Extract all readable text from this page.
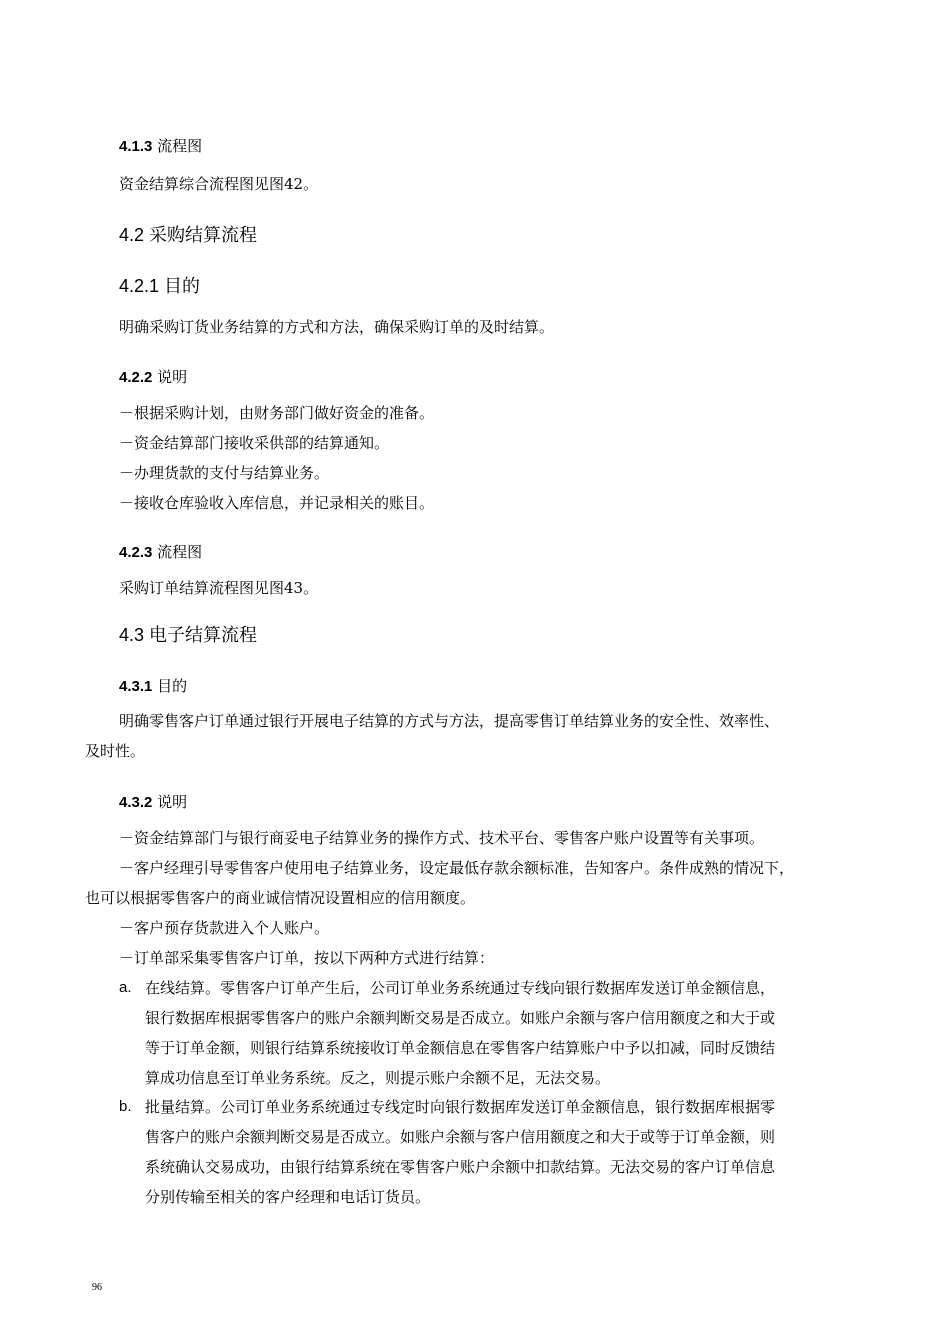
4.1.3 流程图
资金结算综合流程图见图42。
4.2 采购结算流程
4.2.1 目的
明确采购订货业务结算的方式和方法，确保采购订单的及时结算。
4.2.2 说明
－根据采购计划，由财务部门做好资金的准备。
－资金结算部门接收采供部的结算通知。
－办理货款的支付与结算业务。
－接收仓库验收入库信息，并记录相关的账目。
4.2.3 流程图
采购订单结算流程图见图43。
4.3 电子结算流程
4.3.1 目的
明确零售客户订单通过银行开展电子结算的方式与方法，提高零售订单结算业务的安全性、效率性、
及时性。
4.3.2 说明
－资金结算部门与银行商妥电子结算业务的操作方式、技术平台、零售客户账户设置等有关事项。
－客户经理引导零售客户使用电子结算业务，设定最低存款余额标准，告知客户。条件成熟的情况下，
也可以根据零售客户的商业诚信情况设置相应的信用额度。
－客户预存货款进入个人账户。
－订单部采集零售客户订单，按以下两种方式进行结算：
a. 在线结算。零售客户订单产生后，公司订单业务系统通过专线向银行数据库发送订单金额信息，
银行数据库根据零售客户的账户余额判断交易是否成立。如账户余额与客户信用额度之和大于或
等于订单金额，则银行结算系统接收订单金额信息在零售客户结算账户中予以扣减，同时反馈结
算成功信息至订单业务系统。反之，则提示账户余额不足，无法交易。
b. 批量结算。公司订单业务系统通过专线定时向银行数据库发送订单金额信息，银行数据库根据零
售客户的账户余额判断交易是否成立。如账户余额与客户信用额度之和大于或等于订单金额，则
系统确认交易成功，由银行结算系统在零售客户账户余额中扣款结算。无法交易的客户订单信息
分别传输至相关的客户经理和电话订货员。
96
